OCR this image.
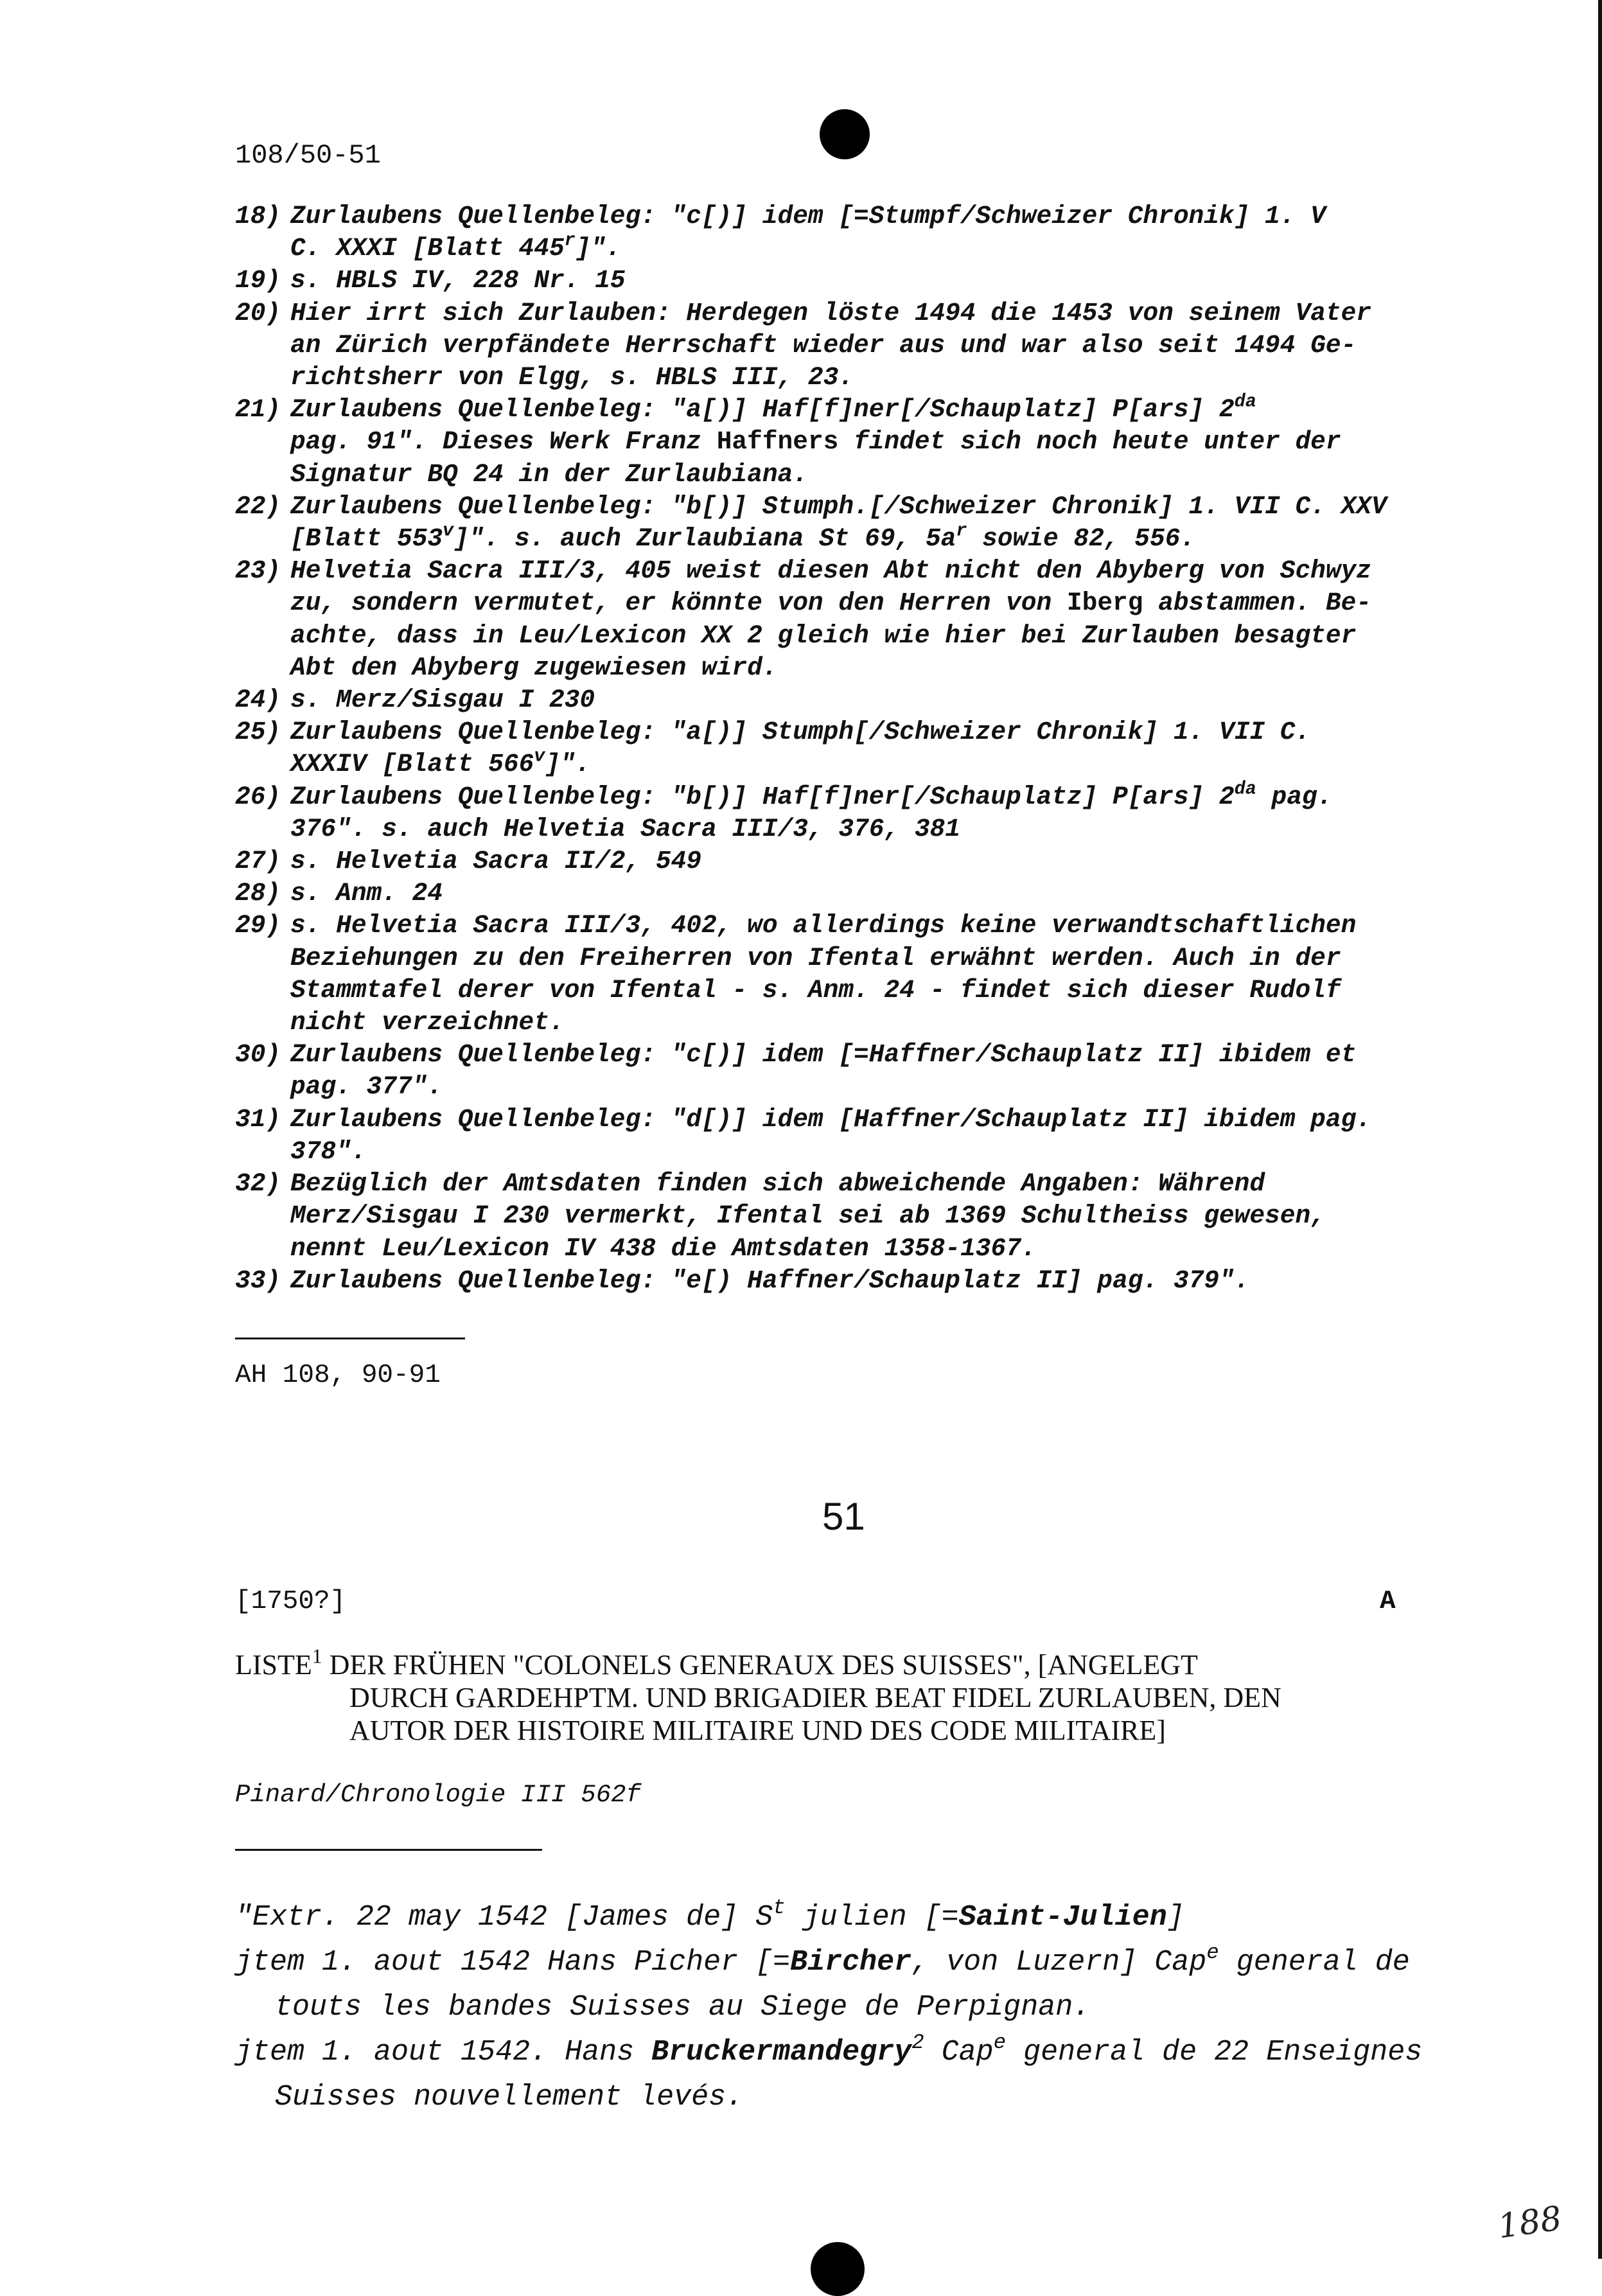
108/50-51
18) Zurlaubens Quellenbeleg: "c[)] idem [=Stumpf/Schweizer Chronik] 1. V
C. XXXI [Blatt 445$^r$]".
19) s. HBLS IV, 228 Nr. 15
20) Hier irrt sich Zurlauben: Herdegen löste 1494 die 1453 von seinem Vater
an Zürich verpfändete Herrschaft wieder aus und war also seit 1494 Ge-
richtsherr von Elgg, s. HBLS III, 23.
21) Zurlaubens Quellenbeleg: "a[)] Haf[f]ner[/Schauplatz] P[ars] $2^{da}$
pag. 91". Dieses Werk Franz Haffners findet sich noch heute unter der
Signatur BQ 24 in der Zurlaubiana.
22) Zurlaubens Quellenbeleg: "b[)] Stumph.[/Schweizer Chronik] 1. VII C. XXV
[Blatt 553$^v$]". s. auch Zurlaubiana St 69, $5a^r$ sowie 82, 556.
23) Helvetia Sacra III/3, 405 weist diesen Abt nicht den Abyberg von Schwyz
zu, sondern vermutet, er könnte von den Herren von Iberg abstammen. Be-
achte, dass in Leu/Lexicon XX 2 gleich wie hier bei Zurlauben besagter
Abt den Abyberg zugewiesen wird.
24) s. Merz/Sisgau I 230
25) Zurlaubens Quellenbeleg: "a[)] Stumph[/Schweizer Chronik] 1. VII C.
XXXIV [Blatt 566$^v$]".
26) Zurlaubens Quellenbeleg: "b[)] Haf[f]ner[/Schauplatz] P[ars] $2^{da}$ pag.
376". s. auch Helvetia Sacra III/3, 376, 381
27) s. Helvetia Sacra II/2, 549
28) s. Anm. 24
29) s. Helvetia Sacra III/3, 402, wo allerdings keine verwandtschaftlichen
Beziehungen zu den Freiherren von Ifental erwähnt werden. Auch in der
Stammtafel derer von Ifental - s. Anm. 24 - findet sich dieser Rudolf
nicht verzeichnet.
30) Zurlaubens Quellenbeleg: "c[)] idem [=Haffner/Schauplatz II] ibidem et
pag. 377".
31) Zurlaubens Quellenbeleg: "d[)] idem [Haffner/Schauplatz II] ibidem pag.
378".
32) Bezüglich der Amtsdaten finden sich abweichende Angaben: Während
Merz/Sisgau I 230 vermerkt, Ifental sei ab 1369 Schultheiss gewesen,
nennt Leu/Lexicon IV 438 die Amtsdaten 1358-1367.
33) Zurlaubens Quellenbeleg: "e[) Haffner/Schauplatz II] pag. 379".
AH 108, 90-91
51
[1750?]	A
LISTE$^1$ DER FRÜHEN "COLONELS GENERAUX DES SUISSES", [ANGELEGT
DURCH GARDEHPTM. UND BRIGADIER BEAT FIDEL ZURLAUBEN, DEN
AUTOR DER HISTOIRE MILITAIRE UND DES CODE MILITAIRE]
Pinard/Chronologie III 562f
"Extr. 22 may 1542 [James de] $S^t$ julien [=Saint-Julien]
jtem 1. aout 1542 Hans Picher [=Bircher, von Luzern] Cap$^e$ general de
touts les bandes Suisses au Siege de Perpignan.
jtem 1. aout 1542. Hans Bruckermandegry$^2$ Cap$^e$ general de 22 Enseignes
Suisses nouvellement levés.
188
